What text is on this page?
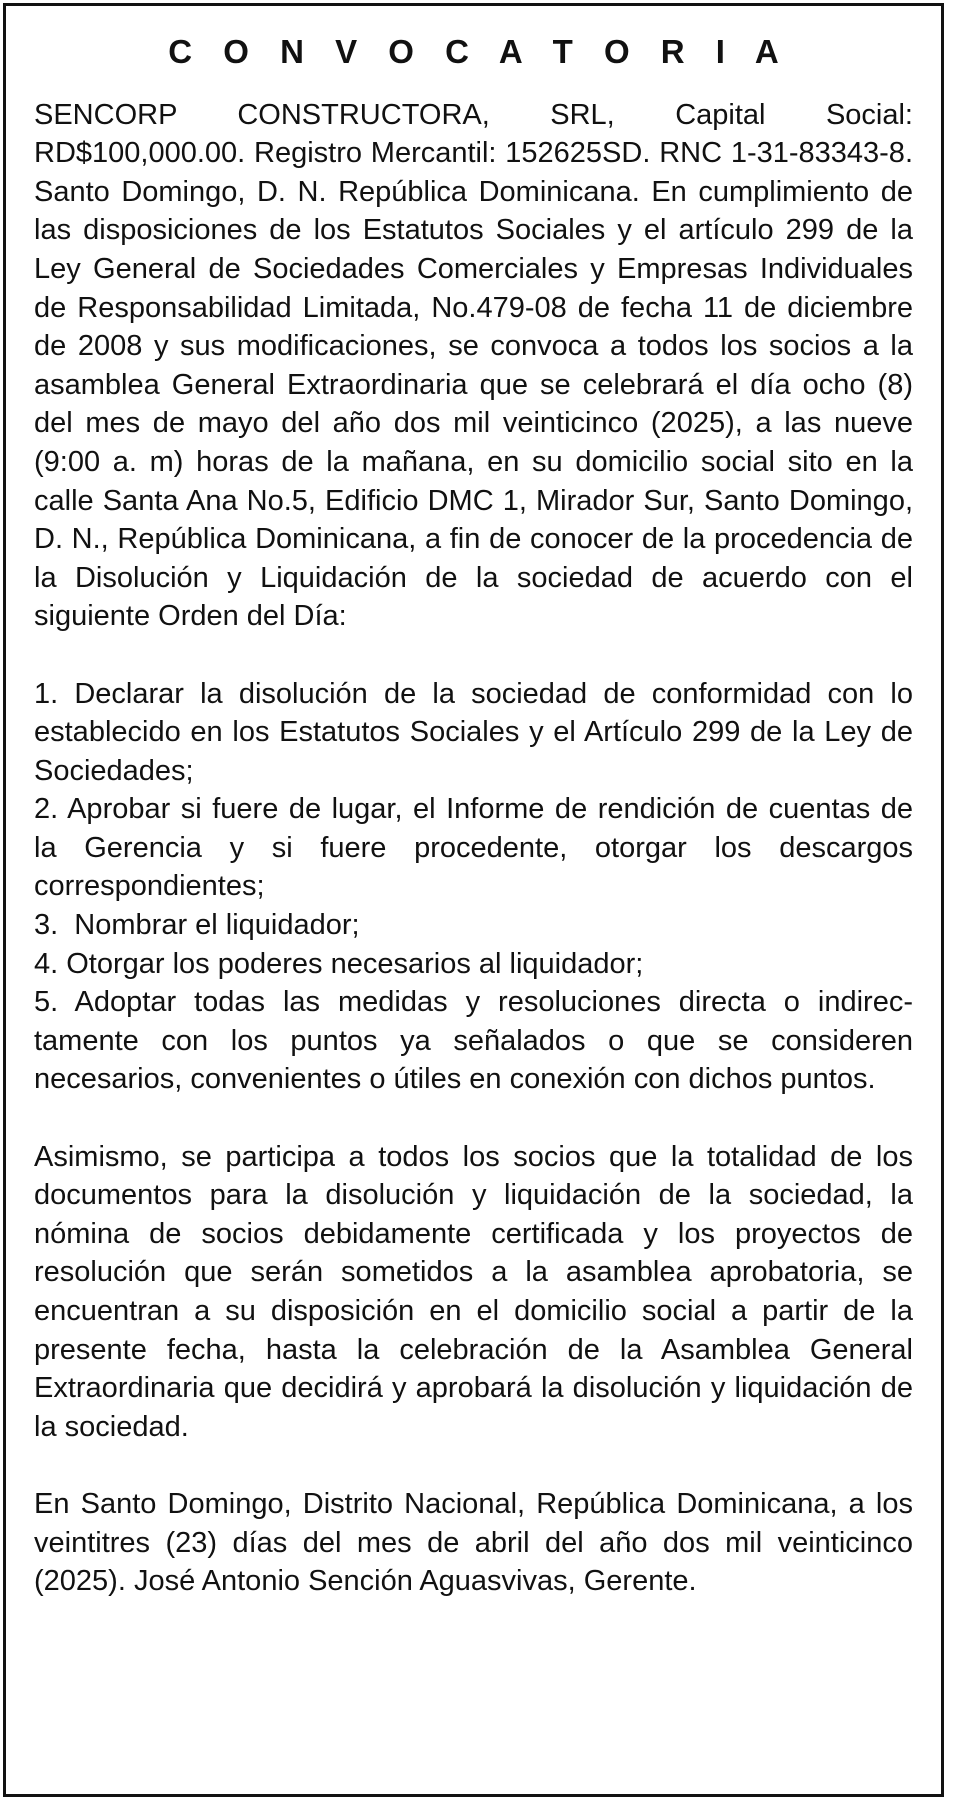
C O N V O C A T O R I A

SENCORP CONSTRUCTORA, SRL, Capital Social: RD$100,000.00. Registro Mercantil: 152625SD. RNC 1-31-83343-8. Santo Domingo, D. N. República Dominicana. En cumplimiento de las disposiciones de los Estatutos Sociales y el artículo 299 de la Ley General de Sociedades Comerciales y Empresas Individuales de Responsabilidad Limitada, No.479-08 de fecha 11 de diciembre de 2008 y sus modificaciones, se convoca a todos los socios a la asamblea General Extraordinaria que se celebrará el día ocho (8) del mes de mayo del año dos mil veinticinco (2025), a las nueve (9:00 a. m) horas de la mañana, en su domicilio social sito en la calle Santa Ana No.5, Edificio DMC 1, Mirador Sur, Santo Domingo, D. N., República Dominicana, a fin de conocer de la procedencia de la Disolución y Liquidación de la sociedad de acuerdo con el siguiente Orden del Día:

1. Declarar la disolución de la sociedad de conformidad con lo establecido en los Estatutos Sociales y el Artículo 299 de la Ley de Sociedades;

2. Aprobar si fuere de lugar, el Informe de rendición de cuentas de la Gerencia y si fuere procedente, otorgar los descargos correspondientes;

3.  Nombrar el liquidador;

4. Otorgar los poderes necesarios al liquidador;

5. Adoptar todas las medidas y resoluciones directa o indirectamente con los puntos ya señalados o que se consideren necesarios, convenientes o útiles en conexión con dichos puntos.

Asimismo, se participa a todos los socios que la totalidad de los documentos para la disolución y liquidación de la sociedad, la nómina de socios debidamente certificada y los proyectos de resolución que serán sometidos a la asamblea aprobatoria, se encuentran a su disposición en el domicilio social a partir de la presente fecha, hasta la celebración de la Asamblea General Extraordinaria que decidirá y aprobará la disolución y liquidación de la sociedad.

En Santo Domingo, Distrito Nacional, República Dominicana, a los veintitres (23) días del mes de abril del año dos mil veinticinco (2025). José Antonio Sención Aguasvivas, Gerente.
